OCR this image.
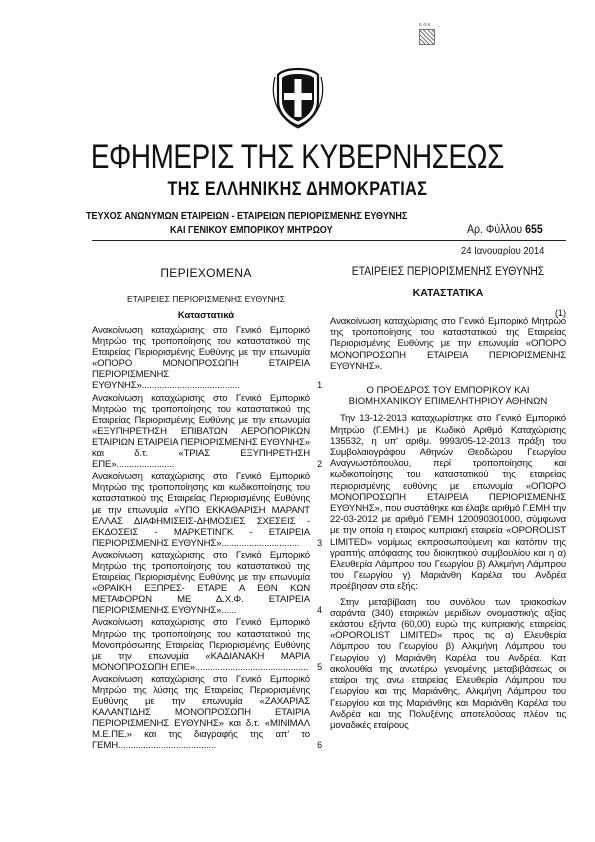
Ε.Θ.Κ
ΕΦΗΜΕΡΙΣ ΤΗΣ ΚΥΒΕΡΝΗΣΕΩΣ
ΤΗΣ ΕΛΛΗΝΙΚΗΣ ΔΗΜΟΚΡΑΤΙΑΣ
ΤΕΥΧΟΣ ΑΝΩΝΥΜΩΝ ΕΤΑΙΡΕΙΩΝ - ΕΤΑΙΡΕΙΩΝ ΠΕΡΙΟΡΙΣΜΕΝΗΣ ΕΥΘΥΝΗΣ
ΚΑΙ ΓΕΝΙΚΟΥ ΕΜΠΟΡΙΚΟΥ ΜΗΤΡΩΟΥ	Αρ. Φύλλου 655
24 Ιανουαρίου 2014
ΠΕΡΙΕΧΟΜΕΝΑ
ΕΤΑΙΡΕΙΕΣ ΠΕΡΙΟΡΙΣΜΕΝΗΣ ΕΥΘΥΝΗΣ
Καταστατικά
Ανακοίνωση καταχώρισης στο Γενικό Εμπορικό Μητρώο της τροποποίησης του καταστατικού της Εταιρείας Περιορισμένης Ευθύνης με την επωνυμία «ΟΠΟΡΟ ΜΟΝΟΠΡΟΣΩΠΗ ΕΤΑΙΡΕΙΑ ΠΕΡΙΟΡΙΣΜΕΝΗΣ ΕΥΘΥΝΗΣ».......................................	1
Ανακοίνωση καταχώρισης στο Γενικό Εμπορικό Μητρώο της τροποποίησης του καταστατικού της Εταιρείας Περιορισμένης Ευθύνης με την επωνυμία «ΕΞΥΠΗΡΕΤΗΣΗ ΕΠΙΒΑΤΩΝ ΑΕΡΟΠΟΡΙΚΩΝ ΕΤΑΙΡΙΩΝ ΕΤΑΙΡΕΙΑ ΠΕΡΙΟΡΙΣΜΕΝΗΣ ΕΥΘΥΝΗΣ» και δ.τ. «ΤΡΙΑΣ ΕΞΥΠΗΡΕΤΗΣΗ ΕΠΕ».......................	2
Ανακοίνωση καταχώρισης στο Γενικό Εμπορικό Μητρώο της τροποποίησης και κωδικοποίησης του καταστατικού της Εταιρείας Περιορισμένης Ευθύνης με την επωνυμία «ΥΠΟ ΕΚΚΑΘΑΡΙΣΗ ΜΑΡΑΝΤ ΕΛΛΑΣ ΔΙΑΦΗΜΙΣΕΙΣ-ΔΗΜΟΣΙΕΣ ΣΧΕΣΕΙΣ - ΕΚΔΟΣΕΙΣ - ΜΑΡΚΕΤΙΝΓΚ - ΕΤΑΙΡΕΙΑ ΠΕΡΙΟΡΙΣΜΕΝΗΣ ΕΥΘΥΝΗΣ»............................... 3
Ανακοίνωση καταχώρισης στο Γενικό Εμπορικό Μητρώο της τροποποίησης του καταστατικού της Εταιρείας Περιορισμένης Ευθύνης με την επωνυμία «ΘΡΑΙΚΗ ΕΞΠΡΕΣ- ΕΤΑΡΕ Α ΕΘΝ ΚΩΝ ΜΕΤΑΦΟΡΩΝ ΜΕ Δ.Χ.Φ. ΕΤΑΙΡΕΙΑ ΠΕΡΙΟΡΙΣΜΕΝΗΣ ΕΥΘΥΝΗΣ»......	4
Ανακοίνωση καταχώρισης στο Γενικό Εμπορικό Μητρώο της τροποποίησης του καταστατικού της Μονοπρόσωπης Εταιρείας Περιορισμένης Ευθύνης με την επωνυμία «ΚΑΔΙΑΝΑΚΗ ΜΑΡΙΑ ΜΟΝΟΠΡΟΣΩΠΗ ΕΠΕ»............................................. 5
Ανακοίνωση καταχώρισης στο Γενικό Εμπορικό Μητρώο της λύσης της Εταιρείας Περιορισμένης Ευθύνης με την επωνυμία «ΖΑΧΑΡΙΑΣ ΚΑΛΑΝΤΙΔΗΣ ΜΟΝΟΠΡΟΣΩΠΗ ΕΤΑΙΡΙΑ ΠΕΡΙΟΡΙΣΜΕΝΗΣ ΕΥΘΥΝΗΣ» και δ.τ. «ΜΙΝΙΜΑΛ Μ.Ε.ΠΕ.» και της διαγραφής της απ' το ΓΕΜΗ.......................................	6
ΕΤΑΙΡΕΙΕΣ ΠΕΡΙΟΡΙΣΜΕΝΗΣ ΕΥΘΥΝΗΣ
ΚΑΤΑΣΤΑΤΙΚΑ
(1)
Ανακοίνωση καταχώρισης στο Γενικό Εμπορικό Μητρώο της τροποποίησης του καταστατικού της Εταιρείας Περιορισμένης Ευθύνης με την επωνυμία «ΟΠΟΡΟ ΜΟΝΟΠΡΟΣΩΠΗ ΕΤΑΙΡΕΙΑ ΠΕΡΙΟΡΙΣΜΕΝΗΣ ΕΥΘΥΝΗΣ».
Ο ΠΡΟΕΔΡΟΣ ΤΟΥ ΕΜΠΟΡΙΚΟΥ ΚΑΙ
ΒΙΟΜΗΧΑΝΙΚΟΥ ΕΠΙΜΕΛΗΤΗΡΙΟΥ ΑΘΗΝΩΝ
Την 13-12-2013 καταχωρίστηκε στο Γενικό Εμπορικό Μητρώο (Γ.ΕΜΗ.) με Κωδικό Αριθμό Καταχώρισης 135532, η υπ' αριθμ. 9993/05-12-2013 πράξη του Συμβολαιογράφου Αθηνών Θεοδώρου Γεωργίου Αναγνωστόπουλου, περί τροποποίησης και κωδικοποίησης του καταστατικού της εταιρείας περιορισμένης ευθύνης με επωνυμία «ΟΠΟΡΟ ΜΟΝΟΠΡΟΣΩΠΗ ΕΤΑΙΡΕΙΑ ΠΕΡΙΟΡΙΣΜΕΝΗΣ ΕΥΘΥΝΗΣ», που συστάθηκε και έλαβε αριθμό Γ.ΕΜΗ την 22-03-2012 με αριθμό ΓΕΜΗ 120090301000, σύμφωνα με την οποία η εταιρος κυπριακή εταιρεία «OPOROLIST LIMITED» νομίμως εκπροσωπούμενη και κατόπιν της γραπτής απόφασης του διοικητικού συμβουλίου και η α) Ελευθερία Λάμπρου του Γεωργίου β) Αλκμήνη Λάμπρου του Γεωργίου γ) Μαριάνθη Καρέλα του Ανδρέα προέβησαν στα εξής:
Στην μεταβίβαση του συνόλου των τριακοσίων σαράντα (340) εταιρικών μεριδίων ονομαστικής αξίας εκάστου εξήντα (60,00) ευρώ της κυπριακής εταιρείας «OPOROLIST LIMITED» προς τις α) Ελευθερία Λάμπρου του Γεωργίου β) Αλκμήνη Λάμπρου του Γεωργίου γ) Μαριάνθη Καρέλα του Ανδρέα. Κατ ακολουθία της ανωτέρω γενομένης μεταβιβάσεως οι εταίροι της ανω εταιρείας Ελευθερία Λάμπρου του Γεωργίου και της Μαριάνθης, Αλκμήνη Λάμπρου του Γεωργίου και της Μαριάνθης και Μαριάνθη Καρέλα του Ανδρέα και της Πολυξένης αποτελούσας πλέον τις μοναδικές εταίρους
